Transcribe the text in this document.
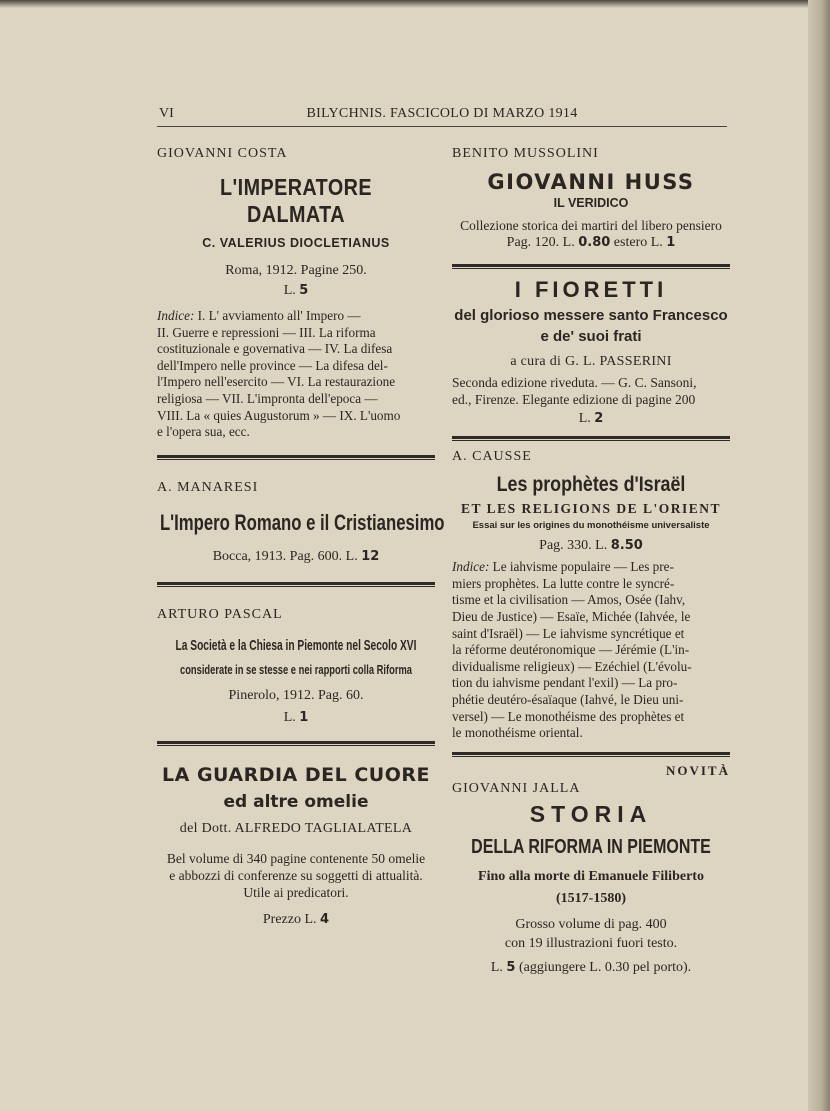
VI	BILYCHNIS. FASCICOLO DI MARZO 1914

GIOVANNI COSTA

L'IMPERATORE DALMATA
C. VALERIUS DIOCLETIANUS
Roma, 1912. Pagine 250.
L. 5

Indice: I. L' avviamento all' Impero —

II. Guerre e repressioni — III. La riforma

costituzionale e governativa — IV. La difesa

dell'Impero nelle province — La difesa del-

l'Impero nell'esercito — VI. La restaurazione

religiosa — VII. L'impronta dell'epoca —

VIII. La « quies Augustorum » — IX. L'uomo

e l'opera sua, ecc.

A. MANARESI

L'Impero Romano e il Cristianesimo
Bocca, 1913. Pag. 600. L. 12

ARTURO PASCAL

La Società e la Chiesa in Piemonte nel Secolo XVI
considerate in se stesse e nei rapporti colla Riforma
Pinerolo, 1912. Pag. 60.
L. 1
LA GUARDIA DEL CUORE
ed altre omelie
del Dott. ALFREDO TAGLIALATELA
Bel volume di 340 pagine contenente 50 omelie
e abbozzi di conferenze su soggetti di attualità.
Utile ai predicatori.
Prezzo L. 4

BENITO MUSSOLINI

GIOVANNI HUSS
IL VERIDICO
Collezione storica dei martiri del libero pensiero
Pag. 120. L. 0.80 estero L. 1
I FIORETTI
del glorioso messere santo Francesco
e de' suoi frati
a cura di G. L. PASSERINI
Seconda edizione riveduta. — G. C. Sansoni,
ed., Firenze. Elegante edizione di pagine 200
L. 2

A. CAUSSE

Les prophètes d'Israël
ET LES RELIGIONS DE L'ORIENT
Essai sur les origines du monothéisme universaliste
Pag. 330. L. 8.50

Indice: Le iahvisme populaire — Les pre-

miers prophètes. La lutte contre le syncré-

tisme et la civilisation — Amos, Osée (Iahv,

Dieu de Justice) — Esaïe, Michée (Iahvée, le

saint d'Israël) — Le iahvisme syncrétique et

la réforme deutéronomique — Jérémie (L'in-

dividualisme religieux) — Ezéchiel (L'évolu-

tion du iahvisme pendant l'exil) — La pro-

phétie deutéro-ésaïaque (Iahvé, le Dieu uni-

versel) — Le monothéisme des prophètes et

le monothéisme oriental.

NOVITÀ

GIOVANNI JALLA

STORIA
DELLA RIFORMA IN PIEMONTE
Fino alla morte di Emanuele Filiberto
(1517-1580)
Grosso volume di pag. 400
con 19 illustrazioni fuori testo.
L. 5 (aggiungere L. 0.30 pel porto).
